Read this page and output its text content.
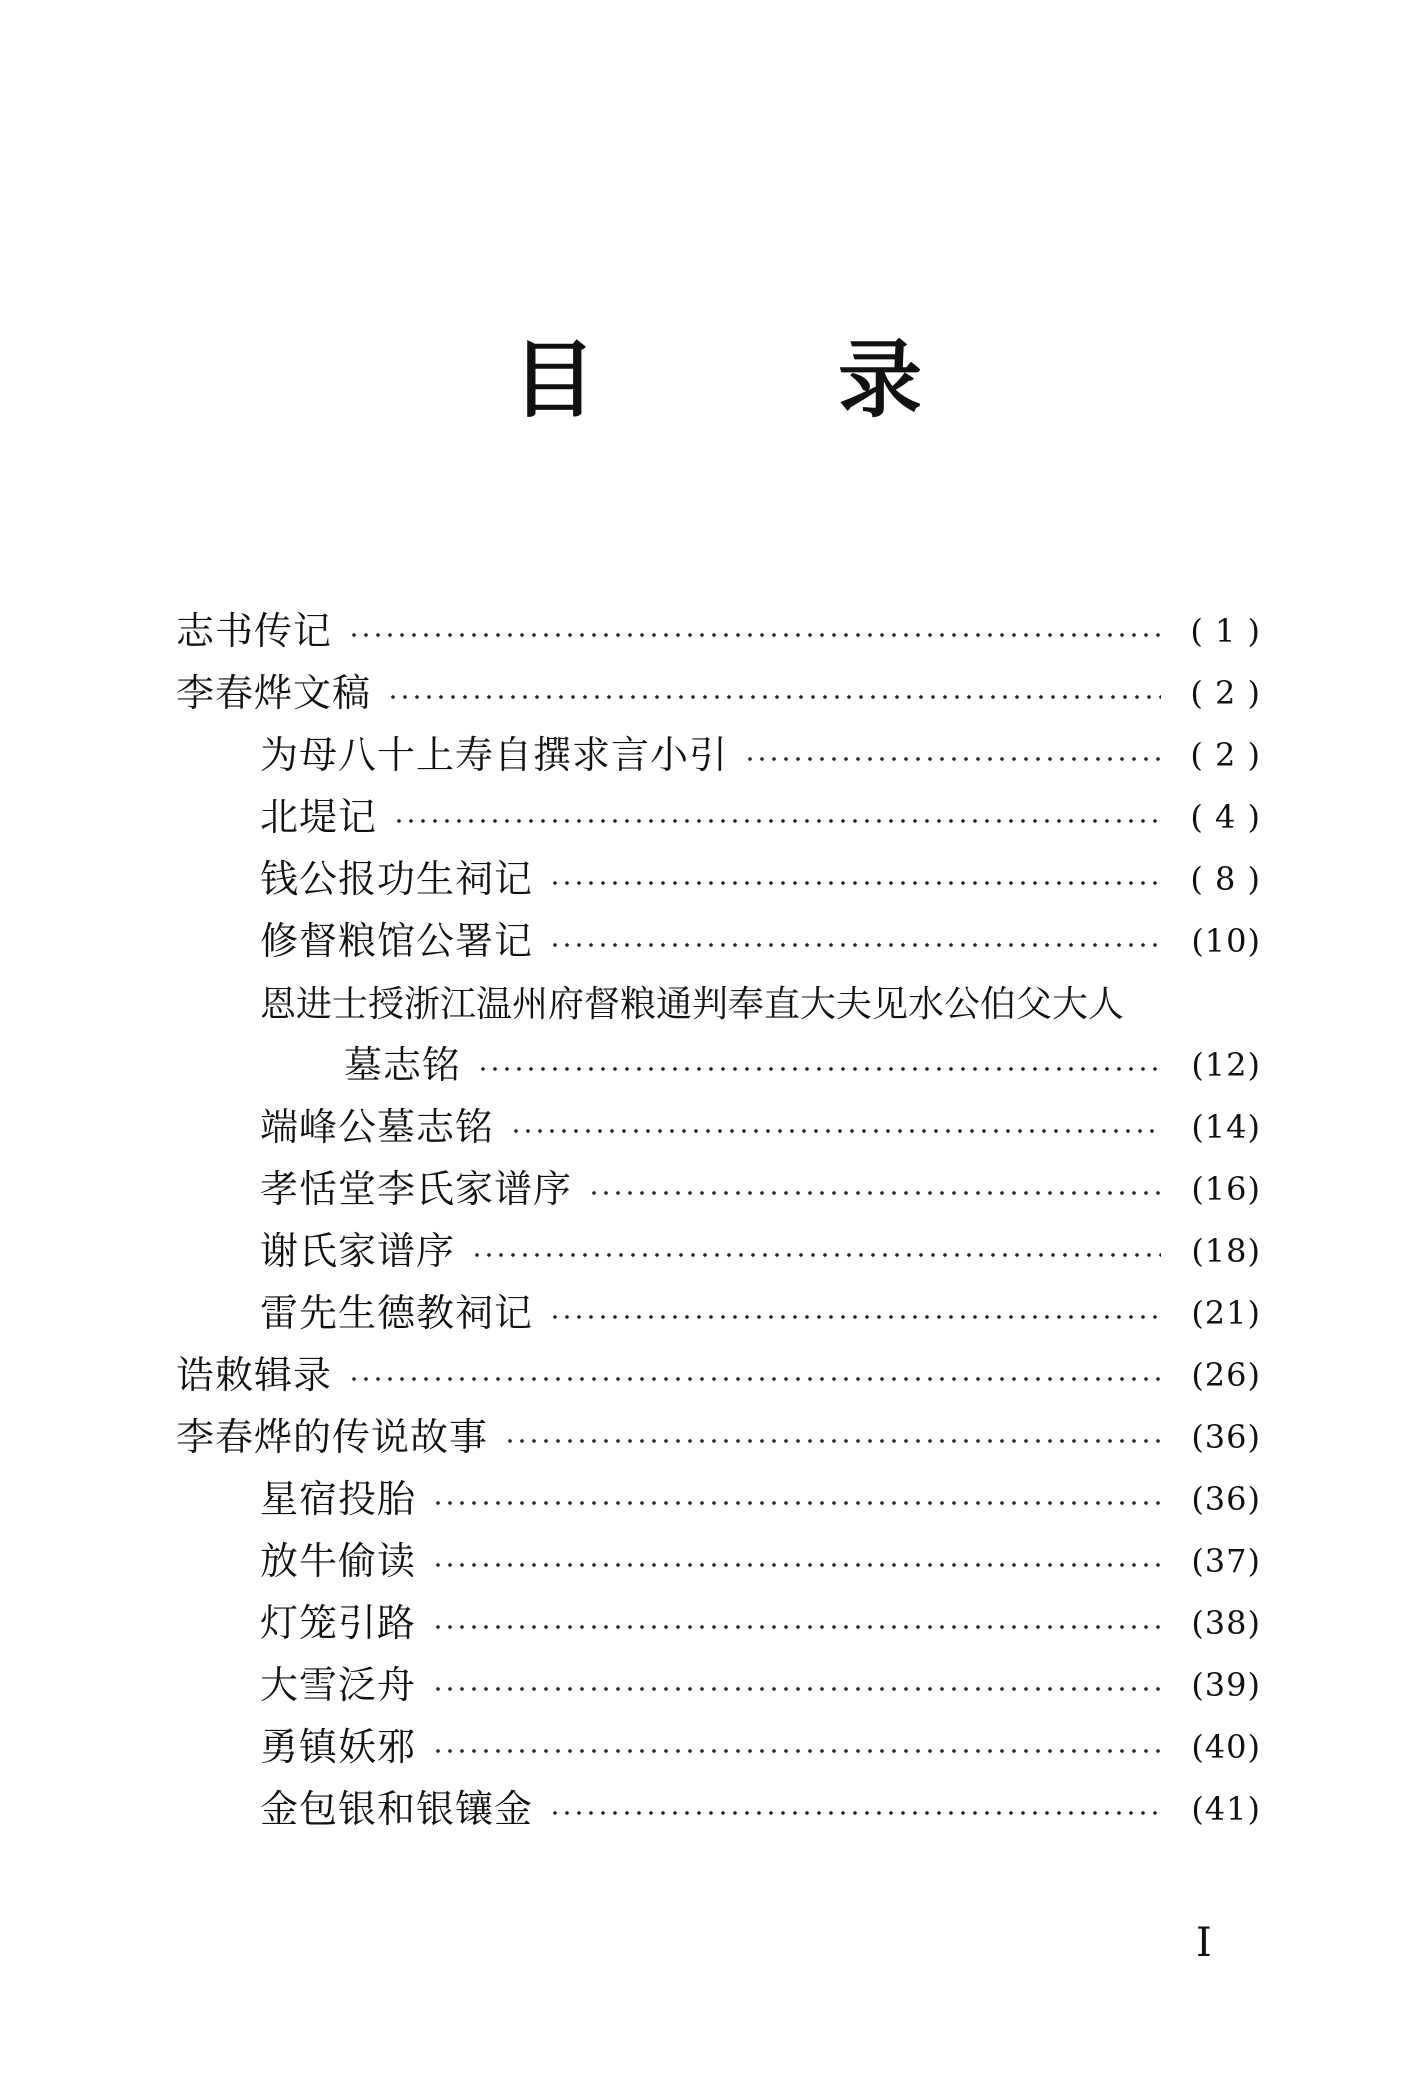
目	录
志书传记	( 1 )
李春烨文稿	( 2 )
为母八十上寿自撰求言小引	( 2 )
北堤记	( 4 )
钱公报功生祠记	( 8 )
修督粮馆公署记	(10)
恩进士授浙江温州府督粮通判奉直大夫见水公伯父大人
墓志铭	(12)
端峰公墓志铭	(14)
孝恬堂李氏家谱序	(16)
谢氏家谱序	(18)
雷先生德教祠记	(21)
诰敕辑录	(26)
李春烨的传说故事	(36)
星宿投胎	(36)
放牛偷读	(37)
灯笼引路	(38)
大雪泛舟	(39)
勇镇妖邪	(40)
金包银和银镶金	(41)
I
